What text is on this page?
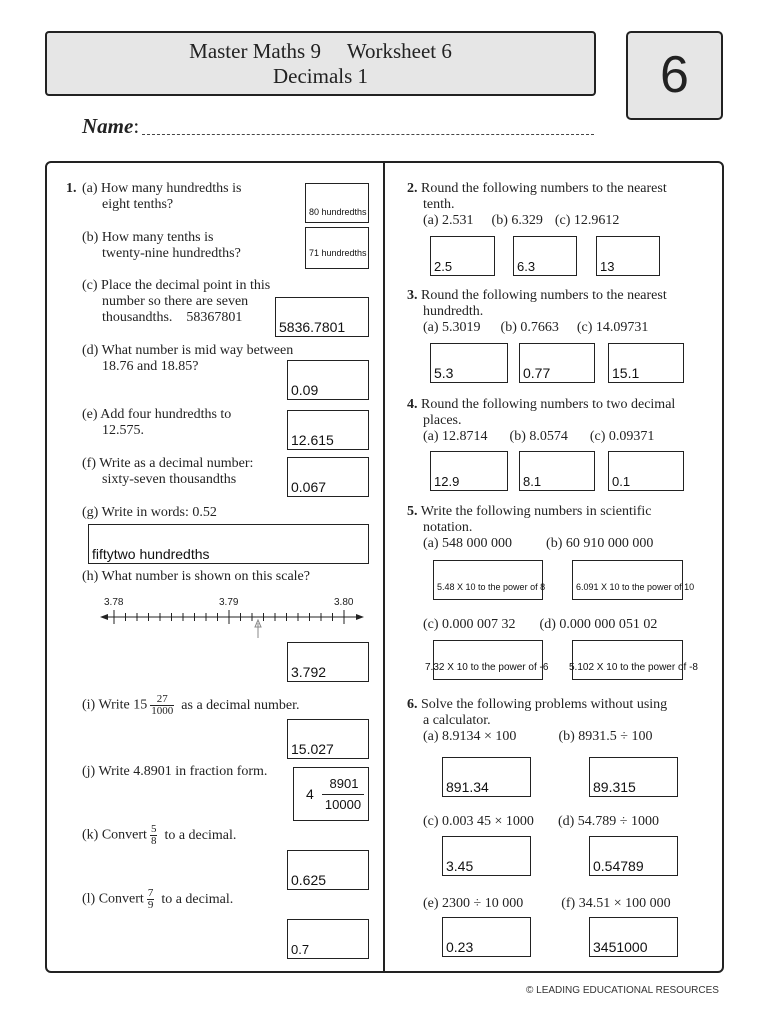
Master Maths 9     Worksheet 6
Decimals 1	6
Name:
1. (a) How many hundredths is
eight tenths?	80 hundredths
(b) How many tenths is
twenty-nine hundredths?	71 hundredths
(c) Place the decimal point in this
number so there are seven
thousandths.    58367801
5836.7801
(d) What number is mid way between
18.76 and 18.85?
0.09
(e) Add four hundredths to
12.575.
12.615
(f) Write as a decimal number:
sixty-seven thousandths	0.067
(g) Write in words: 0.52
fiftytwo hundredths
(h) What number is shown on this scale?
3.78	3.79	3.80
3.792
(i) Write $15 \frac{27}{1000}$ as a decimal number.
15.027
(j) Write 4.8901 in fraction form.
4
8901
10000
(k) Convert $\frac{5}{8}$ to a decimal.
0.625
(l) Convert $\frac{7}{9}$ to a decimal.
0.7
2. Round the following numbers to the nearest
tenth.
(a) 2.531 (b) 6.329 (c) 12.9612
2.5	6.3	13
3. Round the following numbers to the nearest
hundredth.
(a) 5.3019 (b) 0.7663 (c) 14.09731
5.3	0.77	15.1
4. Round the following numbers to two decimal
places.
(a) 12.8714 (b) 8.0574 (c) 0.09371
12.9	8.1	0.1
5. Write the following numbers in scientific
notation.
(a) 548 000 000 (b) 60 910 000 000
5.48 X 10 to the power of 8	6.091 X 10 to the power of 10
(c) 0.000 007 32 (d) 0.000 000 051 02
7.32 X 10 to the power of -6 5.102 X 10 to the power of -8
6. Solve the following problems without using
a calculator.
(a) 8.9134 × 100	(b) 8931.5 ÷ 100
891.34	89.315
(c) 0.003 45 × 1000 (d) 54.789 ÷ 1000
3.45	0.54789
(e) 2300 ÷ 10 000	(f) 34.51 × 100 000
0.23	3451000
© LEADING EDUCATIONAL RESOURCES
